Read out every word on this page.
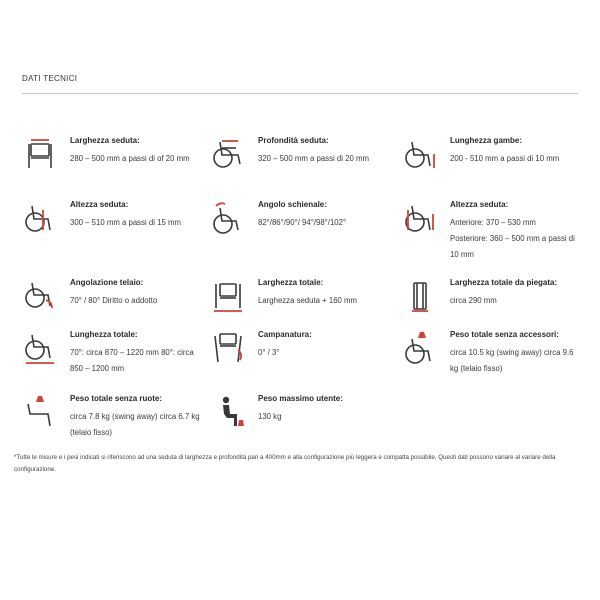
DATI TECNICI
Larghezza seduta:
280 – 500 mm a passi di of 20 mm
Profondità seduta:
320 – 500 mm a passi di 20 mm
Lunghezza gambe:
200 - 510 mm a passi di 10 mm
Altezza seduta:
300 – 510 mm a passi di 15 mm
Angolo schienale:
82°/86°/90°/ 94°/98°/102°
Altezza seduta:
Anteriore: 370 – 530 mm
Posteriore: 360 – 500 mm a passi di 10 mm
Angolazione telaio:
70° / 80° Diritto o addotto
Larghezza totale:
Larghezza seduta + 160 mm
Larghezza totale da piegata:
circa 290 mm
Lunghezza totale:
70°: circa 870 – 1220 mm 80°: circa 850 – 1200 mm
Campanatura:
0° / 3°
Peso totale senza accessori:
circa 10.5 kg (swing away) circa 9.6 kg (telaio fisso)
Peso totale senza ruote:
circa 7.8 kg (swing away) circa 6.7 kg (telaio fisso)
Peso massimo utente:
130 kg
*Tutte le misure e i pesi indicati si riferiscono ad una seduta di larghezza e profondità pari a 400mm e alla configurazione più leggera e compatta possibile. Questi dati possono variare al variare della configurazione.
